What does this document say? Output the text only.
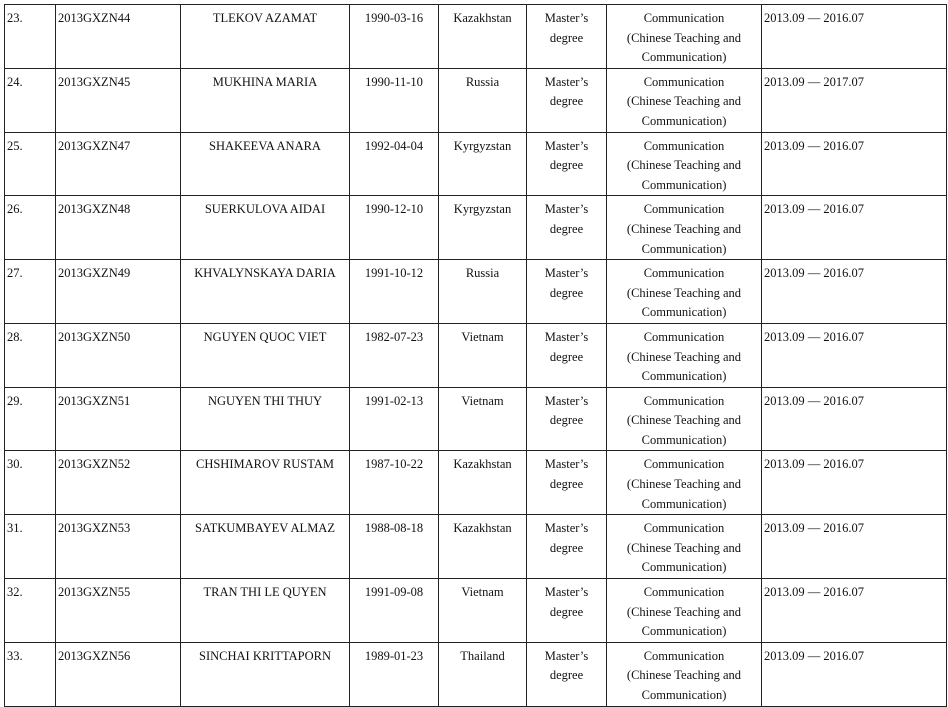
23.	2013GXZN44	TLEKOV AZAMAT	1990-03-16	Kazakhstan	Master’s
degree	Communication
(Chinese Teaching and
Communication)	2013.09 — 2016.07
24.	2013GXZN45	MUKHINA MARIA	1990-11-10	Russia	Master’s
degree	Communication
(Chinese Teaching and
Communication)	2013.09 — 2017.07
25.	2013GXZN47	SHAKEEVA ANARA	1992-04-04	Kyrgyzstan	Master’s
degree	Communication
(Chinese Teaching and
Communication)	2013.09 — 2016.07
26.	2013GXZN48	SUERKULOVA AIDAI	1990-12-10	Kyrgyzstan	Master’s
degree	Communication
(Chinese Teaching and
Communication)	2013.09 — 2016.07
27.	2013GXZN49	KHVALYNSKAYA DARIA	1991-10-12	Russia	Master’s
degree	Communication
(Chinese Teaching and
Communication)	2013.09 — 2016.07
28.	2013GXZN50	NGUYEN QUOC VIET	1982-07-23	Vietnam	Master’s
degree	Communication
(Chinese Teaching and
Communication)	2013.09 — 2016.07
29.	2013GXZN51	NGUYEN THI THUY	1991-02-13	Vietnam	Master’s
degree	Communication
(Chinese Teaching and
Communication)	2013.09 — 2016.07
30.	2013GXZN52	CHSHIMAROV RUSTAM	1987-10-22	Kazakhstan	Master’s
degree	Communication
(Chinese Teaching and
Communication)	2013.09 — 2016.07
31.	2013GXZN53	SATKUMBAYEV ALMAZ	1988-08-18	Kazakhstan	Master’s
degree	Communication
(Chinese Teaching and
Communication)	2013.09 — 2016.07
32.	2013GXZN55	TRAN THI LE QUYEN	1991-09-08	Vietnam	Master’s
degree	Communication
(Chinese Teaching and
Communication)	2013.09 — 2016.07
33.	2013GXZN56	SINCHAI KRITTAPORN	1989-01-23	Thailand	Master’s
degree	Communication
(Chinese Teaching and
Communication)	2013.09 — 2016.07
